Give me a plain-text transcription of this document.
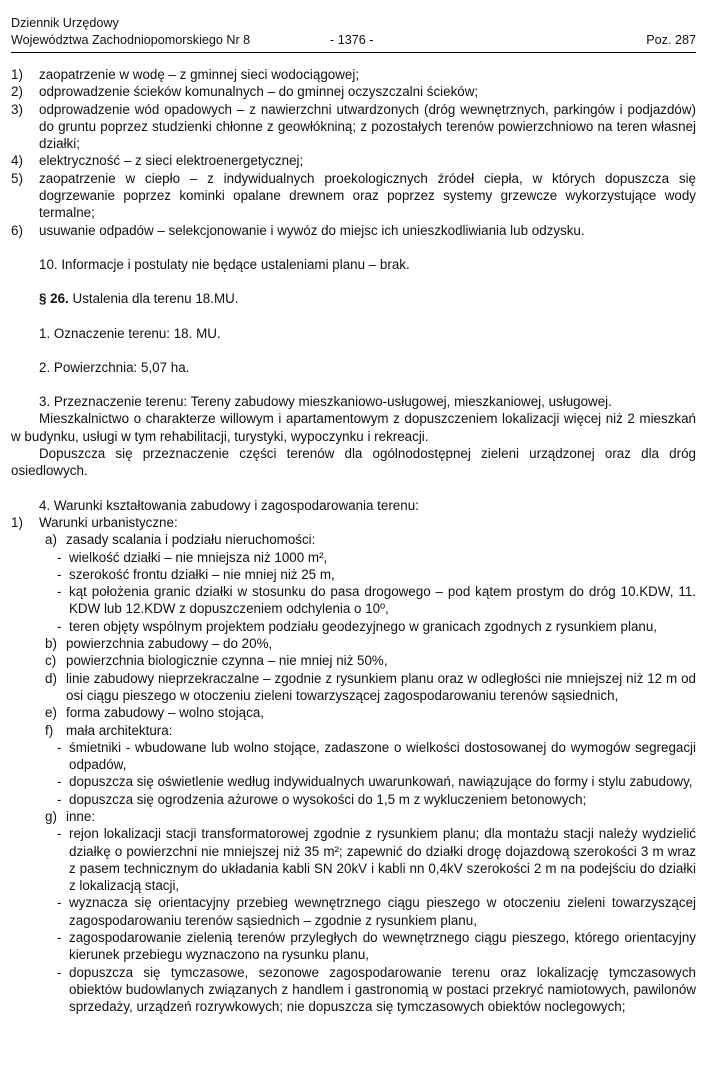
Dziennik Urzędowy
Województwa Zachodniopomorskiego Nr 8	- 1376 -	Poz. 287
1) zaopatrzenie w wodę – z gminnej sieci wodociągowej;
2) odprowadzenie ścieków komunalnych – do gminnej oczyszczalni ścieków;
3) odprowadzenie wód opadowych – z nawierzchni utwardzonych (dróg wewnętrznych, parkingów i podjazdów) do gruntu poprzez studzienki chłonne z geowłókniną; z pozostałych terenów powierzchniowo na teren własnej działki;
4) elektryczność – z sieci elektroenergetycznej;
5) zaopatrzenie w ciepło – z indywidualnych proekologicznych źródeł ciepła, w których dopuszcza się dogrzewanie poprzez kominki opalane drewnem oraz poprzez systemy grzewcze wykorzystujące wody termalne;
6) usuwanie odpadów – selekcjonowanie i wywóz do miejsc ich unieszkodliwiania lub odzysku.
10. Informacje i postulaty nie będące ustaleniami planu – brak.
§ 26. Ustalenia dla terenu 18.MU.
1. Oznaczenie terenu: 18. MU.
2. Powierzchnia: 5,07 ha.
3. Przeznaczenie terenu: Tereny zabudowy mieszkaniowo-usługowej, mieszkaniowej, usługowej.
Mieszkalnictwo o charakterze willowym i apartamentowym z dopuszczeniem lokalizacji więcej niż 2 mieszkań w budynku, usługi w tym rehabilitacji, turystyki, wypoczynku i rekreacji.
Dopuszcza się przeznaczenie części terenów dla ogólnodostępnej zieleni urządzonej oraz dla dróg osiedlowych.
4. Warunki kształtowania zabudowy i zagospodarowania terenu:
1) Warunki urbanistyczne:
a) zasady scalania i podziału nieruchomości:
- wielkość działki – nie mniejsza niż 1000 m²,
- szerokość frontu działki – nie mniej niż 25 m,
- kąt położenia granic działki w stosunku do pasa drogowego – pod kątem prostym do dróg 10.KDW, 11. KDW lub 12.KDW z dopuszczeniem odchylenia o 10º,
- teren objęty wspólnym projektem podziału geodezyjnego w granicach zgodnych z rysunkiem planu,
b) powierzchnia zabudowy – do 20%,
c) powierzchnia biologicznie czynna – nie mniej niż 50%,
d) linie zabudowy nieprzekraczalne – zgodnie z rysunkiem planu oraz w odległości nie mniejszej niż 12 m od osi ciągu pieszego w otoczeniu zieleni towarzyszącej zagospodarowaniu terenów sąsiednich,
e) forma zabudowy – wolno stojąca,
f) mała architektura:
- śmietniki - wbudowane lub wolno stojące, zadaszone o wielkości dostosowanej do wymogów segregacji odpadów,
- dopuszcza się oświetlenie według indywidualnych uwarunkowań, nawiązujące do formy i stylu zabudowy,
- dopuszcza się ogrodzenia ażurowe o wysokości do 1,5 m z wykluczeniem betonowych;
g) inne:
- rejon lokalizacji stacji transformatorowej zgodnie z rysunkiem planu; dla montażu stacji należy wydzielić działkę o powierzchni nie mniejszej niż 35 m²; zapewnić do działki drogę dojazdową szerokości 3 m wraz z pasem technicznym do układania kabli SN 20kV i kabli nn 0,4kV szerokości 2 m na podejściu do działki z lokalizacją stacji,
- wyznacza się orientacyjny przebieg wewnętrznego ciągu pieszego w otoczeniu zieleni towarzyszącej zagospodarowaniu terenów sąsiednich – zgodnie z rysunkiem planu,
- zagospodarowanie zielenią terenów przyległych do wewnętrznego ciągu pieszego, którego orientacyjny kierunek przebiegu wyznaczono na rysunku planu,
- dopuszcza się tymczasowe, sezonowe zagospodarowanie terenu oraz lokalizację tymczasowych obiektów budowlanych związanych z handlem i gastronomią w postaci przekryć namiotowych, pawilonów sprzedaży, urządzeń rozrywkowych; nie dopuszcza się tymczasowych obiektów noclegowych;
